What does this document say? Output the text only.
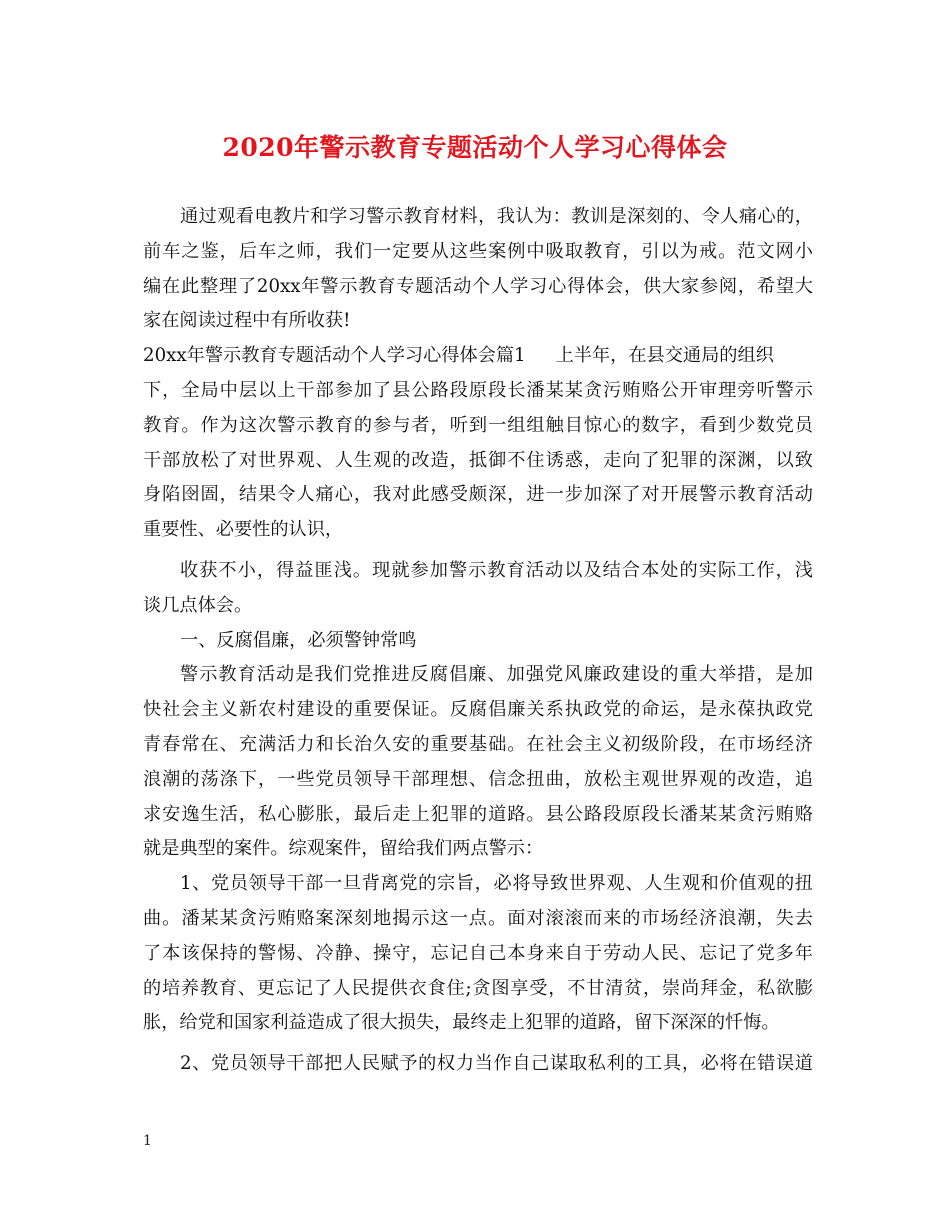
2020年警示教育专题活动个人学习心得体会
通过观看电教片和学习警示教育材料，我认为：教训是深刻的、令人痛心的，
前车之鉴，后车之师，我们一定要从这些案例中吸取教育，引以为戒。范文网小
编在此整理了20xx年警示教育专题活动个人学习心得体会，供大家参阅，希望大
家在阅读过程中有所收获!
20xx年警示教育专题活动个人学习心得体会篇1 上半年，在县交通局的组织
下，全局中层以上干部参加了县公路段原段长潘某某贪污贿赂公开审理旁听警示
教育。作为这次警示教育的参与者，听到一组组触目惊心的数字，看到少数党员
干部放松了对世界观、人生观的改造，抵御不住诱惑，走向了犯罪的深渊，以致
身陷囹圄，结果令人痛心，我对此感受颇深，进一步加深了对开展警示教育活动
重要性、必要性的认识，
收获不小，得益匪浅。现就参加警示教育活动以及结合本处的实际工作，浅
谈几点体会。
一、反腐倡廉，必须警钟常鸣
警示教育活动是我们党推进反腐倡廉、加强党风廉政建设的重大举措，是加
快社会主义新农村建设的重要保证。反腐倡廉关系执政党的命运，是永葆执政党
青春常在、充满活力和长治久安的重要基础。在社会主义初级阶段，在市场经济
浪潮的荡涤下，一些党员领导干部理想、信念扭曲，放松主观世界观的改造，追
求安逸生活，私心膨胀，最后走上犯罪的道路。县公路段原段长潘某某贪污贿赂
就是典型的案件。综观案件，留给我们两点警示：
1、党员领导干部一旦背离党的宗旨，必将导致世界观、人生观和价值观的扭
曲。潘某某贪污贿赂案深刻地揭示这一点。面对滚滚而来的市场经济浪潮，失去
了本该保持的警惕、冷静、操守，忘记自己本身来自于劳动人民、忘记了党多年
的培养教育、更忘记了人民提供衣食住;贪图享受，不甘清贫，崇尚拜金，私欲膨
胀，给党和国家利益造成了很大损失，最终走上犯罪的道路，留下深深的忏悔。
2、党员领导干部把人民赋予的权力当作自己谋取私利的工具，必将在错误道
1
